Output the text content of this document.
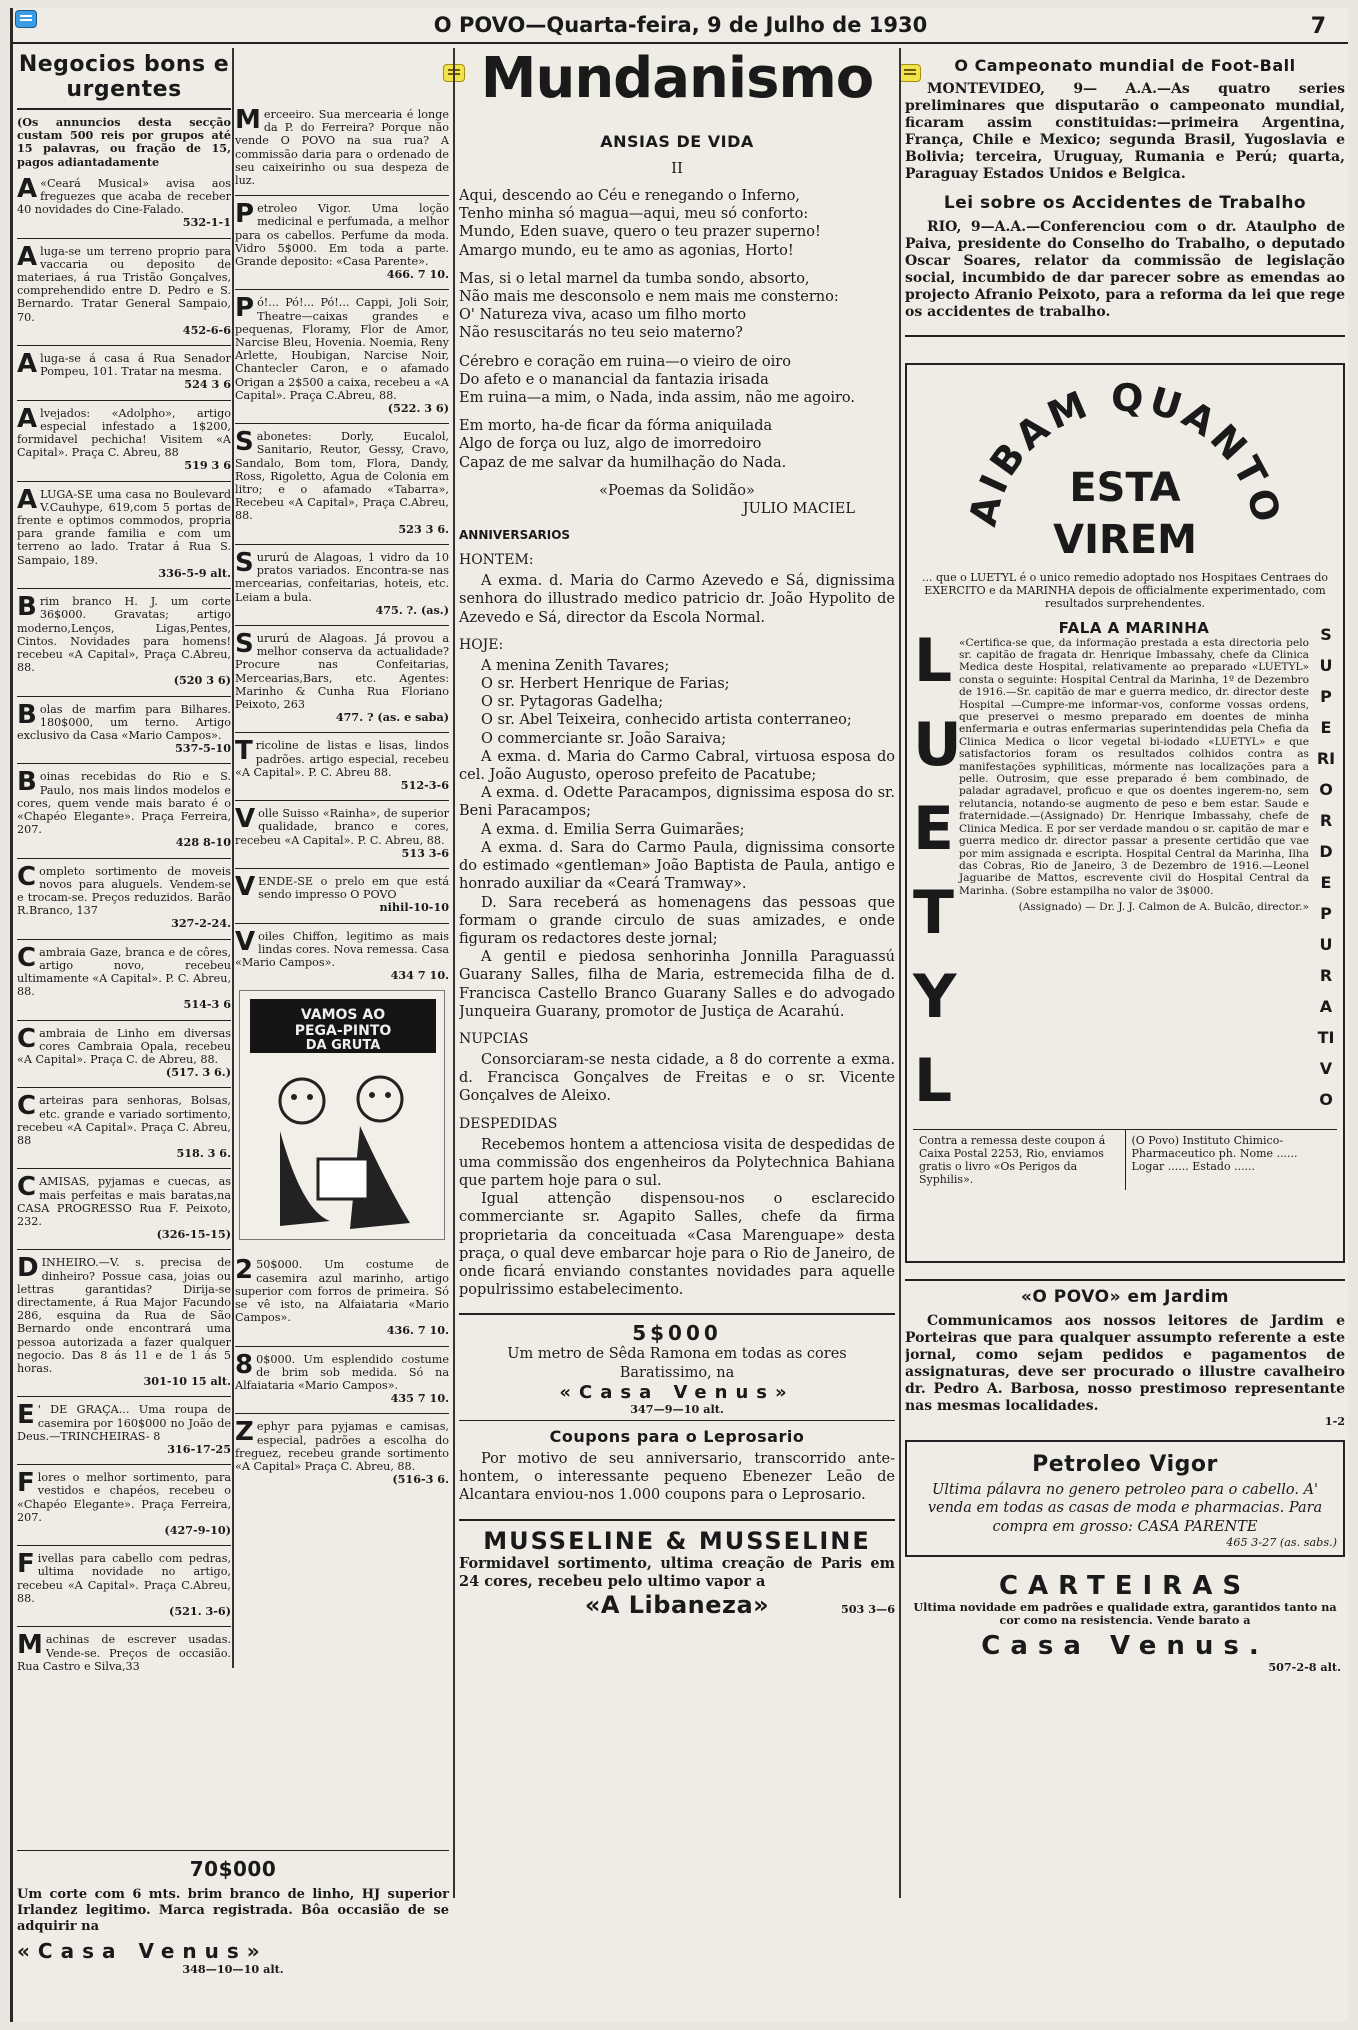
O POVO—Quarta-feira, 9 de Julho de 1930	7
Negocios bons e urgentes
(Os annuncios desta secção custam 500 reis por grupos até 15 palavras, ou fração de 15, pagos adiantadamente
A «Ceará Musical» avisa aos freguezes que acaba de receber 40 novidades do Cine-Falado.
532-1-1
Aluga-se um terreno proprio para vaccaria ou deposito de materiaes, á rua Tristão Gonçalves, comprehendido entre D. Pedro e S. Bernardo. Tratar General Sampaio, 70.
452-6-6
Aluga-se á casa á Rua Senador Pompeu, 101. Tratar na mesma.
524 3 6
Alvejados: «Adolpho», artigo especial infestado a 1$200, formidavel pechicha! Visitem «A Capital». Praça C. Abreu, 88
519 3 6
ALUGA-SE uma casa no Boulevard V.Cauhype, 619,com 5 portas de frente e optimos commodos, propria para grande familia e com um terreno ao lado. Tratar á Rua S. Sampaio, 189.
336-5-9 alt.
Brim branco H. J. um corte 36$000. Gravatas; artigo moderno,Lenços, Ligas,Pentes, Cintos. Novidades para homens! recebeu «A Capital», Praça C.Abreu, 88.
(520 3 6)
Bolas de marfim para Bilhares. 180$000, um terno. Artigo exclusivo da Casa «Mario Campos».
537-5-10
Boinas recebidas do Rio e S. Paulo, nos mais lindos modelos e cores, quem vende mais barato é o «Chapéo Elegante». Praça Ferreira, 207.
428 8-10
Completo sortimento de moveis novos para aluguels. Vendem-se e trocam-se. Preços reduzidos. Barão R.Branco, 137
327-2-24.
Cambraia Gaze, branca e de côres, artigo novo, recebeu ultimamente «A Capital». P. C. Abreu, 88.
514-3 6
Cambraia de Linho em diversas cores Cambraia Opala, recebeu «A Capital». Praça C. de Abreu, 88.
(517. 3 6.)
Carteiras para senhoras, Bolsas, etc. grande e variado sortimento, recebeu «A Capital». Praça C. Abreu, 88
518. 3 6.
CAMISAS, pyjamas e cuecas, as mais perfeitas e mais baratas,na CASA PROGRESSO Rua F. Peixoto, 232.
(326-15-15)
DINHEIRO.—V. s. precisa de dinheiro? Possue casa, joias ou lettras garantidas? Dirija-se directamente, á Rua Major Facundo 286, esquina da Rua de São Bernardo onde encontrará uma pessoa autorizada a fazer qualquer negocio. Das 8 ás 11 e de 1 ás 5 horas.
301-10 15 alt.
E ' DE GRAÇA... Uma roupa de casemira por 160$000 no João de Deus.—TRINCHEIRAS- 8
316-17-25
Flores o melhor sortimento, para vestidos e chapéos, recebeu o «Chapéo Elegante». Praça Ferreira, 207.
(427-9-10)
Fivellas para cabello com pedras, ultima novidade no artigo, recebeu «A Capital». Praça C.Abreu, 88.
(521. 3-6)
Machinas de escrever usadas. Vende-se. Preços de occasião. Rua Castro e Silva,33
Merceeiro. Sua mercearia é longe da P. do Ferreira? Porque não vende O POVO na sua rua? A commissão daria para o ordenado de seu caixeirinho ou sua despeza de luz.
Petroleo Vigor. Uma loção medicinal e perfumada, a melhor para os cabellos. Perfume da moda. Vidro 5$000. Em toda a parte. Grande deposito: «Casa Parente».
466. 7 10.
Pó!... Pó!... Pó!... Cappi, Joli Soir, Theatre—caixas grandes e pequenas, Floramy, Flor de Amor, Narcise Bleu, Hovenia. Noemia, Reny Arlette, Houbigan, Narcise Noir, Chantecler Caron, e o afamado Origan a 2$500 a caixa, recebeu a «A Capital». Praça C.Abreu, 88.
(522. 3 6)
Sabonetes: Dorly, Eucalol, Sanitario, Reutor, Gessy, Cravo, Sandalo, Bom tom, Flora, Dandy, Ross, Rigoletto, Agua de Colonia em litro; e o afamado «Tabarra», Recebeu «A Capital», Praça C.Abreu, 88.
523 3 6.
Sururú de Alagoas, 1 vidro da 10 pratos variados. Encontra-se nas mercearias, confeitarias, hoteis, etc. Leiam a bula.
475. ?. (as.)
Sururú de Alagoas. Já provou a melhor conserva da actualidade? Procure nas Confeitarias, Mercearias,Bars, etc. Agentes: Marinho & Cunha Rua Floriano Peixoto, 263
477. ? (as. e saba)
Tricoline de listas e lisas, lindos padrões. artigo especial, recebeu «A Capital». P. C. Abreu 88.
512-3-6
Volle Suisso «Rainha», de superior qualidade, branco e cores, recebeu «A Capital». P. C. Abreu, 88.
513 3-6
VENDE-SE o prelo em que está sendo impresso O POVO
nihil-10-10
Voiles Chiffon, legitimo as mais lindas cores. Nova remessa. Casa «Mario Campos».
434 7 10.
VAMOS AO
PEGA-PINTO
DA GRUTA
2 50$000. Um costume de casemira azul marinho, artigo superior com forros de primeira. Só se vê isto, na Alfaiataria «Mario Campos».
436. 7 10.
8 0$000. Um esplendido costume de brim sob medida. Só na Alfaiataria «Mario Campos».
435 7 10.
Zephyr para pyjamas e camisas, especial, padrões a escolha do freguez, recebeu grande sortimento «A Capital» Praça C. Abreu, 88.
(516-3 6.
70$000
Um corte com 6 mts. brim branco de linho, HJ superior Irlandez legitimo. Marca registrada. Bôa occasião de se adquirir na
«Casa Venus»
348—10—10 alt.
Mundanismo
ANSIAS DE VIDA
II
Aqui, descendo ao Céu e renegando o Inferno,
Tenho minha só magua—aqui, meu só conforto:
Mundo, Eden suave, quero o teu prazer superno!
Amargo mundo, eu te amo as agonias, Horto!
Mas, si o letal marnel da tumba sondo, absorto,
Não mais me desconsolo e nem mais me consterno:
O' Natureza viva, acaso um filho morto
Não resuscitarás no teu seio materno?
Cérebro e coração em ruina—o vieiro de oiro
Do afeto e o manancial da fantazia irisada
Em ruina—a mim, o Nada, inda assim, não me agoiro.
Em morto, ha-de ficar da fórma aniquilada
Algo de força ou luz, algo de imorredoiro
Capaz de me salvar da humilhação do Nada.
«Poemas da Solidão»
JULIO MACIEL
ANNIVERSARIOS
HONTEM:

A exma. d. Maria do Carmo Azevedo e Sá, dignissima senhora do illustrado medico patricio dr. João Hypolito de Azevedo e Sá, director da Escola Normal.

HOJE:

A menina Zenith Tavares;

O sr. Herbert Henrique de Farias;

O sr. Pytagoras Gadelha;

O sr. Abel Teixeira, conhecido artista conterraneo;

O commerciante sr. João Saraiva;

A exma. d. Maria do Carmo Cabral, virtuosa esposa do cel. João Augusto, operoso prefeito de Pacatube;

A exma. d. Odette Paracampos, dignissima esposa do sr. Beni Paracampos;

A exma. d. Emilia Serra Guimarães;

A exma. d. Sara do Carmo Paula, dignissima consorte do estimado «gentleman» João Baptista de Paula, antigo e honrado auxiliar da «Ceará Tramway».

D. Sara receberá as homenagens das pessoas que formam o grande circulo de suas amizades, e onde figuram os redactores deste jornal;

A gentil e piedosa senhorinha Jonnilla Paraguassú Guarany Salles, filha de Maria, estremecida filha de d. Francisca Castello Branco Guarany Salles e do advogado Junqueira Guarany, promotor de Justiça de Acarahú.

NUPCIAS

Consorciaram-se nesta cidade, a 8 do corrente a exma. d. Francisca Gonçalves de Freitas e o sr. Vicente Gonçalves de Aleixo.

DESPEDIDAS

Recebemos hontem a attenciosa visita de despedidas de uma commissão dos engenheiros da Polytechnica Bahiana que partem hoje para o sul.

Igual attenção dispensou-nos o esclarecido commerciante sr. Agapito Salles, chefe da firma proprietaria da conceituada «Casa Marenguape» desta praça, o qual deve embarcar hoje para o Rio de Janeiro, de onde ficará enviando constantes novidades para aquelle populrissimo estabelecimento.

5$000
Um metro de Sêda Ramona em todas as cores Baratissimo, na
«Casa Venus»
347—9—10 alt.
Coupons para o Leprosario

Por motivo de seu anniversario, transcorrido ante-hontem, o interessante pequeno Ebenezer Leão de Alcantara enviou-nos 1.000 coupons para o Leprosario.

MUSSELINE & MUSSELINE
Formidavel sortimento, ultima creação de Paris em 24 cores, recebeu pelo ultimo vapor a
«A Libaneza»	503 3—6
O Campeonato mundial de Foot-Ball

MONTEVIDEO, 9— A.A.—As quatro series preliminares que disputarão o campeonato mundial, ficaram assim constituidas:—primeira Argentina, França, Chile e Mexico; segunda Brasil, Yugoslavia e Bolivia; terceira, Uruguay, Rumania e Perú; quarta, Paraguay Estados Unidos e Belgica.

Lei sobre os Accidentes de Trabalho

RIO, 9—A.A.—Conferenciou com o dr. Ataulpho de Paiva, presidente do Conselho do Trabalho, o deputado Oscar Soares, relator da commissão de legislação social, incumbido de dar parecer sobre as emendas ao projecto Afranio Peixoto, para a reforma da lei que rege os accidentes de trabalho.

AIBAM QUANTO
ESTA
VIREM
... que o LUETYL é o unico remedio adoptado nos Hospitaes Centraes do EXERCITO e da MARINHA depois de officialmente experimentado, com resultados surprehendentes.
LUETYL
FALA A MARINHA
«Certifica-se que, da informação prestada a esta directoria pelo sr. capitão de fragata dr. Henrique Imbassahy, chefe da Clinica Medica deste Hospital, relativamente ao preparado «LUETYL» consta o seguinte: Hospital Central da Marinha, 1º de Dezembro de 1916.—Sr. capitão de mar e guerra medico, dr. director deste Hospital —Cumpre-me informar-vos, conforme vossas ordens, que preservei o mesmo preparado em doentes de minha enfermaria e outras enfermarias superintendidas pela Chefia da Clinica Medica o licor vegetal bi-iodado «LUETYL» e que satisfactorios foram os resultados colhidos contra as manifestações syphiliticas, mórmente nas localizações para a pelle. Outrosim, que esse preparado é bem combinado, de paladar agradavel, proficuo e que os doentes ingerem-no, sem relutancia, notando-se augmento de peso e bem estar. Saude e fraternidade.—(Assignado) Dr. Henrique Imbassahy, chefe de Clinica Medica. E por ser verdade mandou o sr. capitão de mar e guerra medico dr. director passar a presente certidão que vae por mim assignada e escripta. Hospital Central da Marinha, Ilha das Cobras, Rio de Janeiro, 3 de Dezembro de 1916.—Leonel Jaguaribe de Mattos, escrevente civil do Hospital Central da Marinha. (Sobre estampilha no valor de 3$000.
(Assignado) — Dr. J. J. Calmon de A. Bulcão, director.»
SUPERIOR DEPURATIVO
Contra a remessa deste coupon á Caixa Postal 2253, Rio, enviamos gratis o livro «Os Perigos da Syphilis».
(O Povo) Instituto Chimico-Pharmaceutico ph. Nome ...... Logar ...... Estado ......
«O POVO» em Jardim

Communicamos aos nossos leitores de Jardim e Porteiras que para qualquer assumpto referente a este jornal, como sejam pedidos e pagamentos de assignaturas, deve ser procurado o illustre cavalheiro dr. Pedro A. Barbosa, nosso prestimoso representante nas mesmas localidades.

1-2
Petroleo Vigor
Ultima pálavra no genero petroleo para o cabello. A' venda em todas as casas de moda e pharmacias. Para compra em grosso: CASA PARENTE
465 3-27 (as. sabs.)
CARTEIRAS
Ultima novidade em padrões e qualidade extra, garantidos tanto na cor como na resistencia. Vende barato a
Casa Venus.
507-2-8 alt.
